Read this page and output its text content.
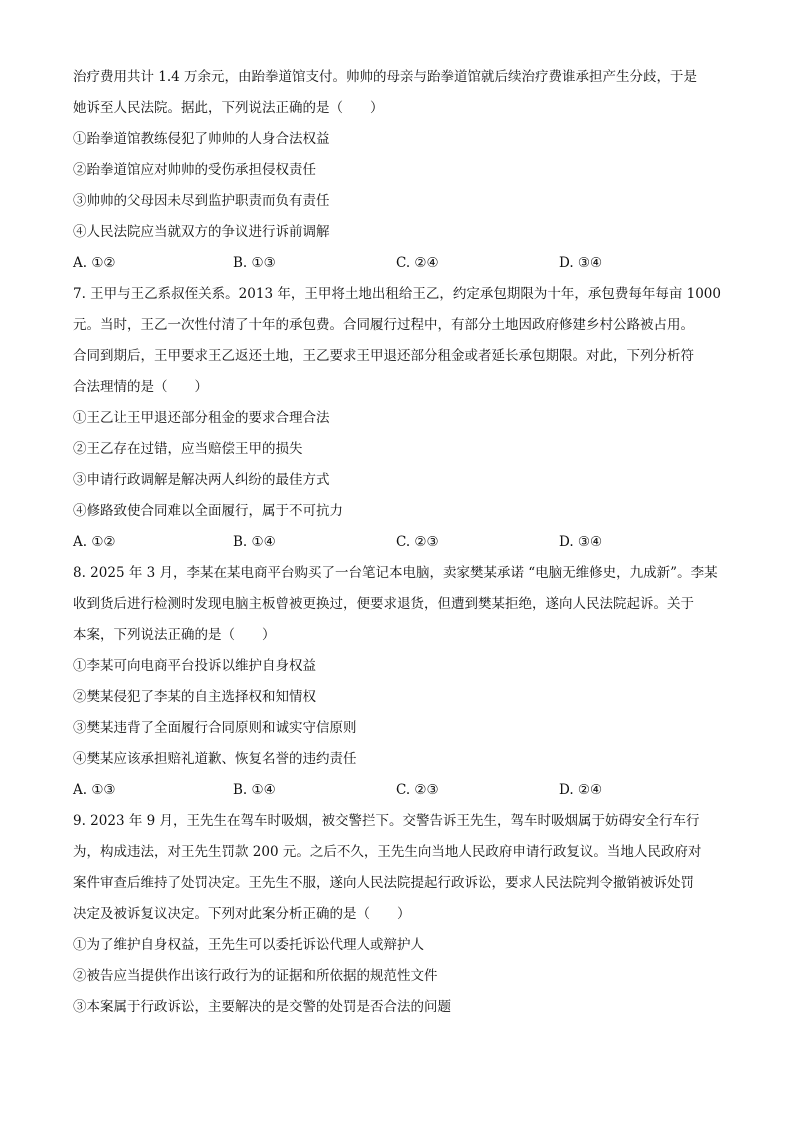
治疗费用共计 1.4 万余元，由跆拳道馆支付。帅帅的母亲与跆拳道馆就后续治疗费谁承担产生分歧，于是
她诉至人民法院。据此，下列说法正确的是（　　）
①跆拳道馆教练侵犯了帅帅的人身合法权益
②跆拳道馆应对帅帅的受伤承担侵权责任
③帅帅的父母因未尽到监护职责而负有责任
④人民法院应当就双方的争议进行诉前调解
A. ①②	B. ①③	C. ②④	D. ③④
7. 王甲与王乙系叔侄关系。2013 年，王甲将土地出租给王乙，约定承包期限为十年，承包费每年每亩 1000
元。当时，王乙一次性付清了十年的承包费。合同履行过程中，有部分土地因政府修建乡村公路被占用。
合同到期后，王甲要求王乙返还土地，王乙要求王甲退还部分租金或者延长承包期限。对此，下列分析符
合法理情的是（　　）
①王乙让王甲退还部分租金的要求合理合法
②王乙存在过错，应当赔偿王甲的损失
③申请行政调解是解决两人纠纷的最佳方式
④修路致使合同难以全面履行，属于不可抗力
A. ①②	B. ①④	C. ②③	D. ③④
8. 2025 年 3 月，李某在某电商平台购买了一台笔记本电脑，卖家樊某承诺 “电脑无维修史，九成新”。李某
收到货后进行检测时发现电脑主板曾被更换过，便要求退货，但遭到樊某拒绝，遂向人民法院起诉。关于
本案，下列说法正确的是（　　）
①李某可向电商平台投诉以维护自身权益
②樊某侵犯了李某的自主选择权和知情权
③樊某违背了全面履行合同原则和诚实守信原则
④樊某应该承担赔礼道歉、恢复名誉的违约责任
A. ①③	B. ①④	C. ②③	D. ②④
9. 2023 年 9 月，王先生在驾车时吸烟，被交警拦下。交警告诉王先生，驾车时吸烟属于妨碍安全行车行
为，构成违法，对王先生罚款 200 元。之后不久，王先生向当地人民政府申请行政复议。当地人民政府对
案件审查后维持了处罚决定。王先生不服，遂向人民法院提起行政诉讼，要求人民法院判令撤销被诉处罚
决定及被诉复议决定。下列对此案分析正确的是（　　）
①为了维护自身权益，王先生可以委托诉讼代理人或辩护人
②被告应当提供作出该行政行为的证据和所依据的规范性文件
③本案属于行政诉讼，主要解决的是交警的处罚是否合法的问题
